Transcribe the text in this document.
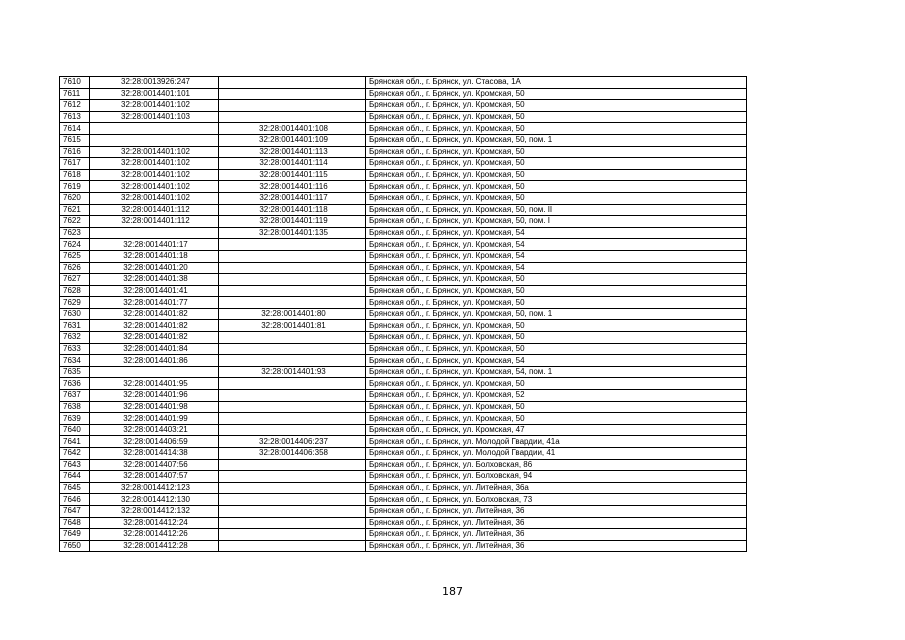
7610	32:28:0013926:247		Брянская обл., г. Брянск, ул. Стасова, 1А
7611	32:28:0014401:101		Брянская обл., г. Брянск, ул. Кромская, 50
7612	32:28:0014401:102		Брянская обл., г. Брянск, ул. Кромская, 50
7613	32:28:0014401:103		Брянская обл., г. Брянск, ул. Кромская, 50
7614		32:28:0014401:108	Брянская обл., г. Брянск, ул. Кромская, 50
7615		32:28:0014401:109	Брянская обл., г. Брянск, ул. Кромская, 50, пом. 1
7616	32:28:0014401:102	32:28:0014401:113	Брянская обл., г. Брянск, ул. Кромская, 50
7617	32:28:0014401:102	32:28:0014401:114	Брянская обл., г. Брянск, ул. Кромская, 50
7618	32:28:0014401:102	32:28:0014401:115	Брянская обл., г. Брянск, ул. Кромская, 50
7619	32:28:0014401:102	32:28:0014401:116	Брянская обл., г. Брянск, ул. Кромская, 50
7620	32:28:0014401:102	32:28:0014401:117	Брянская обл., г. Брянск, ул. Кромская, 50
7621	32:28:0014401:112	32:28:0014401:118	Брянская обл., г. Брянск, ул. Кромская, 50, пом. II
7622	32:28:0014401:112	32:28:0014401:119	Брянская обл., г. Брянск, ул. Кромская, 50, пом. I
7623		32:28:0014401:135	Брянская обл., г. Брянск, ул. Кромская, 54
7624	32:28:0014401:17		Брянская обл., г. Брянск, ул. Кромская, 54
7625	32:28:0014401:18		Брянская обл., г. Брянск, ул. Кромская, 54
7626	32:28:0014401:20		Брянская обл., г. Брянск, ул. Кромская, 54
7627	32:28:0014401:38		Брянская обл., г. Брянск, ул. Кромская, 50
7628	32:28:0014401:41		Брянская обл., г. Брянск, ул. Кромская, 50
7629	32:28:0014401:77		Брянская обл., г. Брянск, ул. Кромская, 50
7630	32:28:0014401:82	32:28:0014401:80	Брянская обл., г. Брянск, ул. Кромская, 50, пом. 1
7631	32:28:0014401:82	32:28:0014401:81	Брянская обл., г. Брянск, ул. Кромская, 50
7632	32:28:0014401:82		Брянская обл., г. Брянск, ул. Кромская, 50
7633	32:28:0014401:84		Брянская обл., г. Брянск, ул. Кромская, 50
7634	32:28:0014401:86		Брянская обл., г. Брянск, ул. Кромская, 54
7635		32:28:0014401:93	Брянская обл., г. Брянск, ул. Кромская, 54, пом. 1
7636	32:28:0014401:95		Брянская обл., г. Брянск, ул. Кромская, 50
7637	32:28:0014401:96		Брянская обл., г. Брянск, ул. Кромская, 52
7638	32:28:0014401:98		Брянская обл., г. Брянск, ул. Кромская, 50
7639	32:28:0014401:99		Брянская обл., г. Брянск, ул. Кромская, 50
7640	32:28:0014403:21		Брянская обл., г. Брянск, ул. Кромская, 47
7641	32:28:0014406:59	32:28:0014406:237	Брянская обл., г. Брянск, ул. Молодой Гвардии, 41а
7642	32:28:0014414:38	32:28:0014406:358	Брянская обл., г. Брянск, ул. Молодой Гвардии, 41
7643	32:28:0014407:56		Брянская обл., г. Брянск, ул. Болховская, 86
7644	32:28:0014407:57		Брянская обл., г. Брянск, ул. Болховская, 94
7645	32:28:0014412:123		Брянская обл., г. Брянск, ул. Литейная, 36а
7646	32:28:0014412:130		Брянская обл., г. Брянск, ул. Болховская, 73
7647	32:28:0014412:132		Брянская обл., г. Брянск, ул. Литейная, 36
7648	32:28:0014412:24		Брянская обл., г. Брянск, ул. Литейная, 36
7649	32:28:0014412:26		Брянская обл., г. Брянск, ул. Литейная, 36
7650	32:28:0014412:28		Брянская обл., г. Брянск, ул. Литейная, 36
187
